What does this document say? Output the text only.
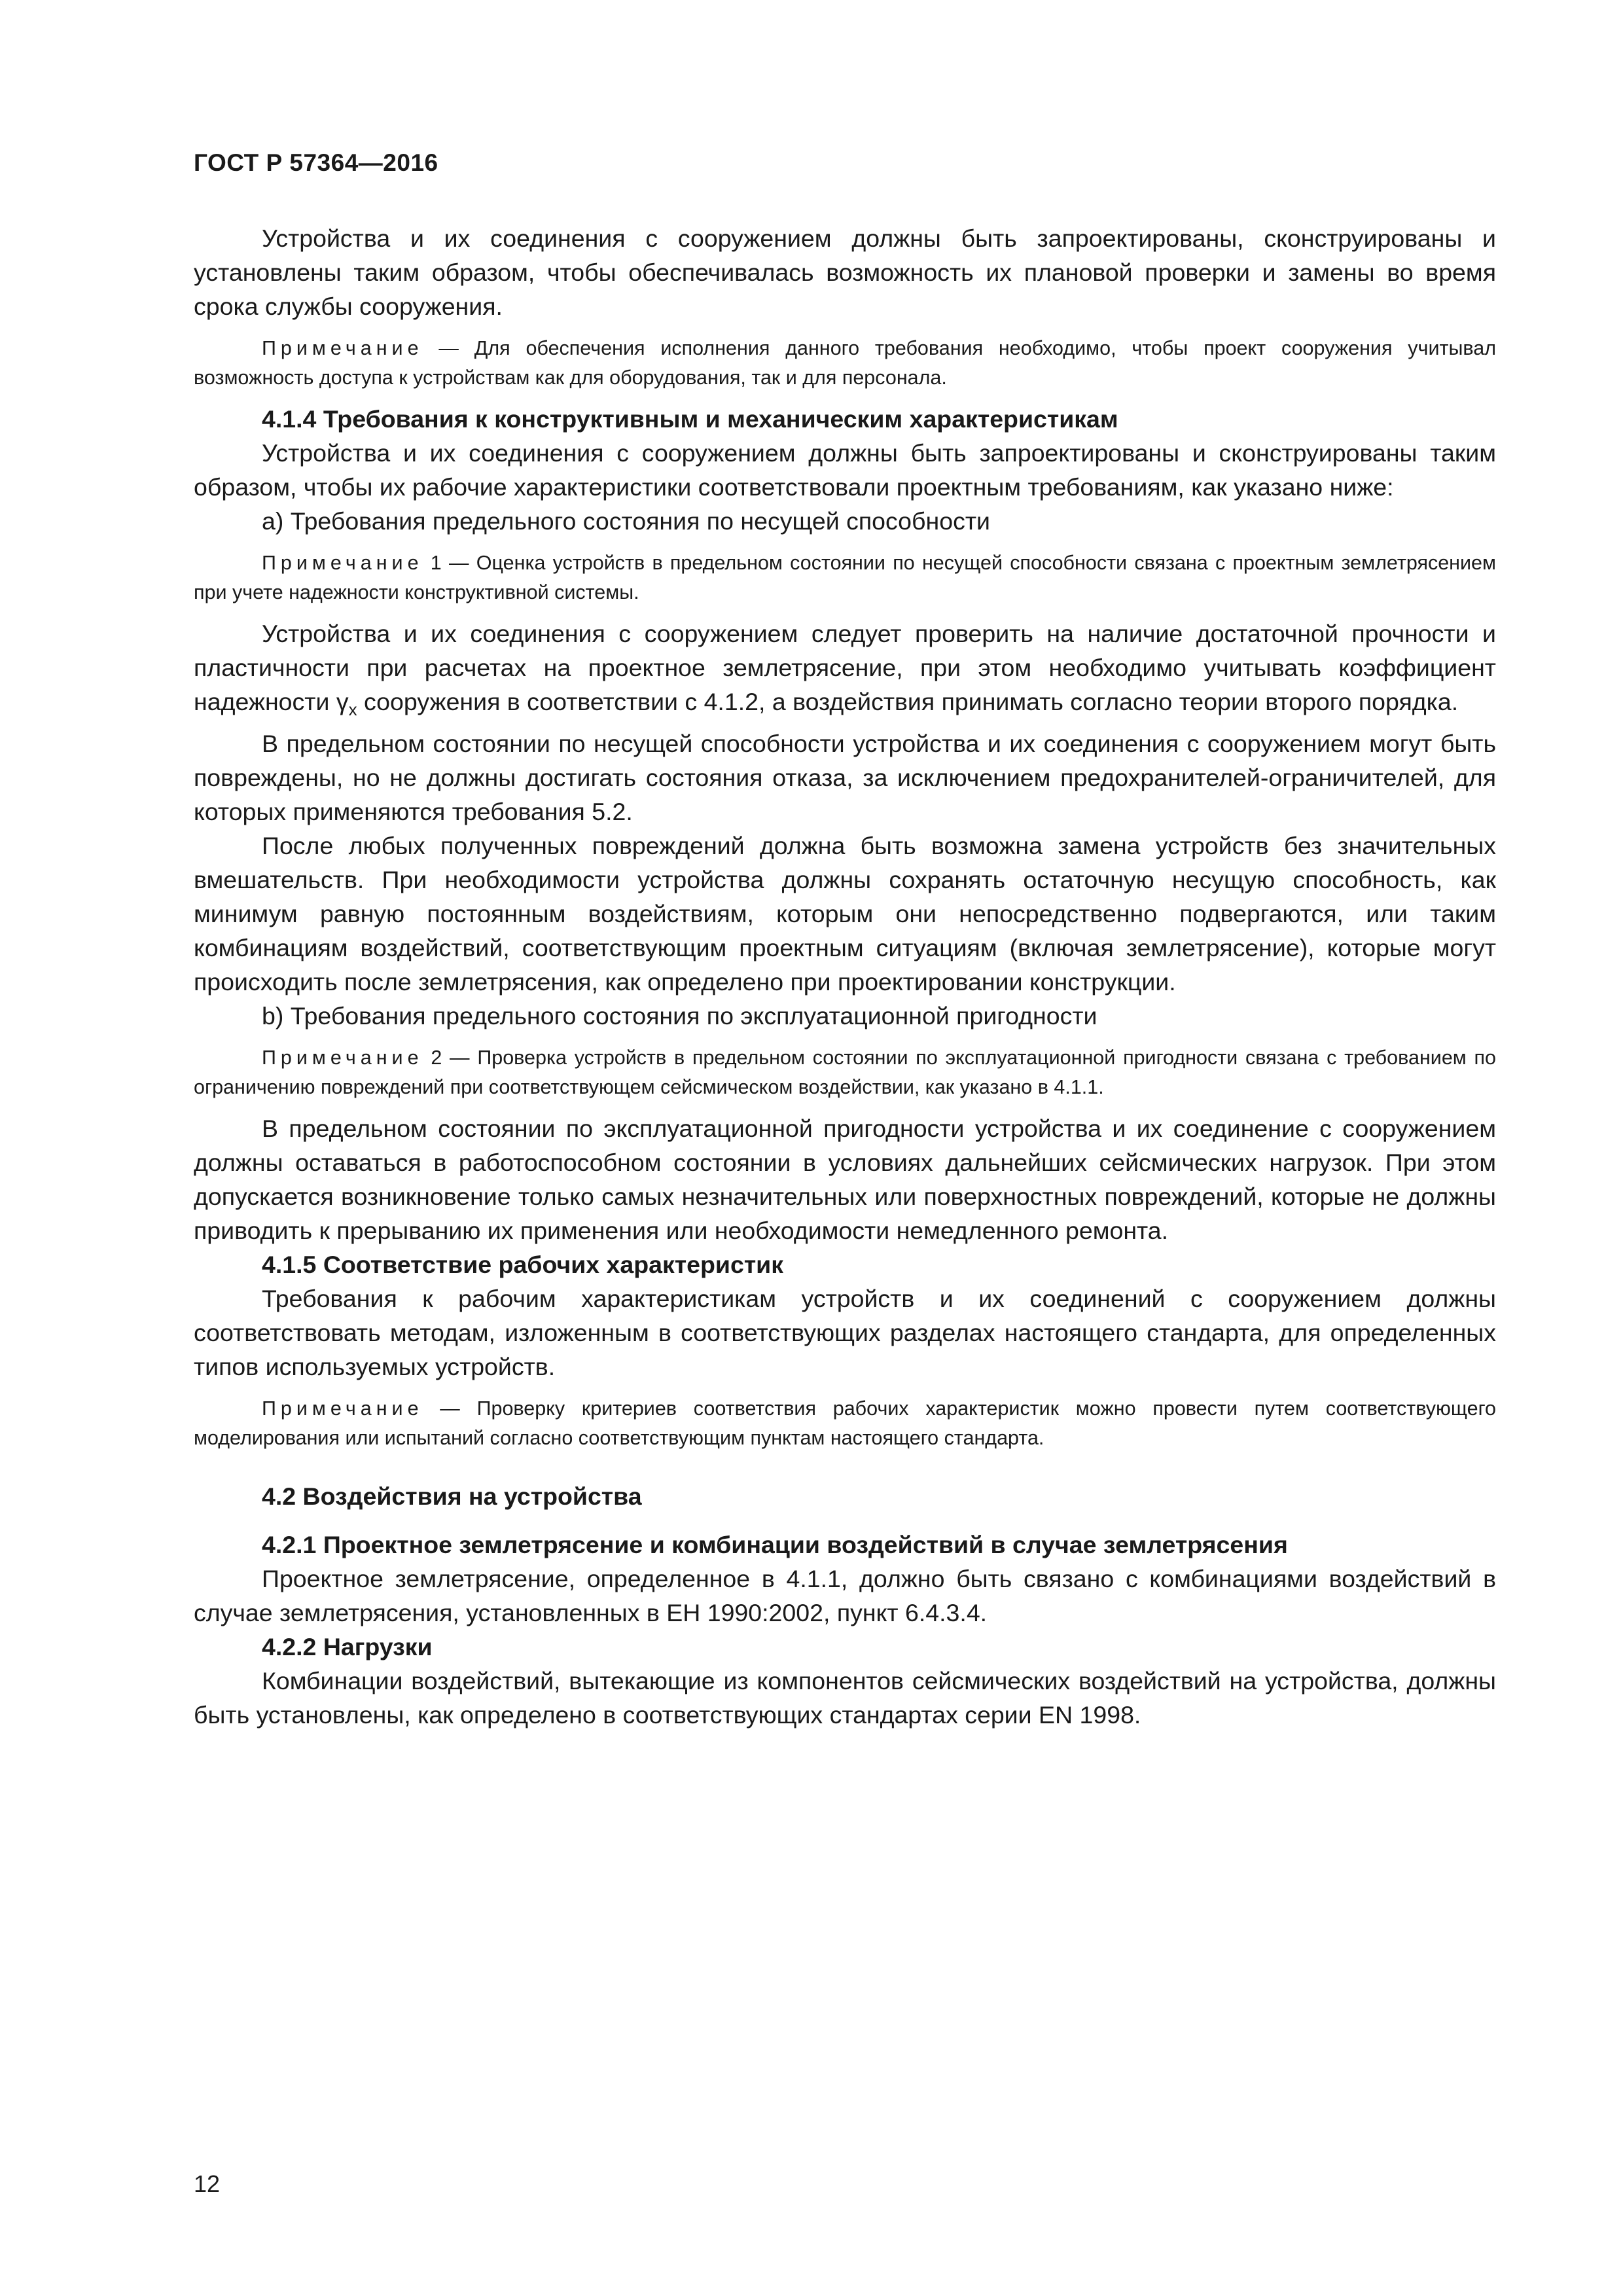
ГОСТ Р 57364—2016

Устройства и их соединения с сооружением должны быть запроектированы, сконструированы и установлены таким образом, чтобы обеспечивалась возможность их плановой проверки и замены во время срока службы сооружения.

Примечание — Для обеспечения исполнения данного требования необходимо, чтобы проект сооружения учитывал возможность доступа к устройствам как для оборудования, так и для персонала.

4.1.4 Требования к конструктивным и механическим характеристикам

Устройства и их соединения с сооружением должны быть запроектированы и сконструированы таким образом, чтобы их рабочие характеристики соответствовали проектным требованиям, как указано ниже:

a) Требования предельного состояния по несущей способности

Примечание 1 — Оценка устройств в предельном состоянии по несущей способности связана с проектным землетрясением при учете надежности конструктивной системы.

Устройства и их соединения с сооружением следует проверить на наличие достаточной прочности и пластичности при расчетах на проектное землетрясение, при этом необходимо учитывать коэффициент надежности $\gamma_x$ сооружения в соответствии с 4.1.2, а воздействия принимать согласно теории второго порядка.

В предельном состоянии по несущей способности устройства и их соединения с сооружением могут быть повреждены, но не должны достигать состояния отказа, за исключением предохранителей-ограничителей, для которых применяются требования 5.2.

После любых полученных повреждений должна быть возможна замена устройств без значительных вмешательств. При необходимости устройства должны сохранять остаточную несущую способность, как минимум равную постоянным воздействиям, которым они непосредственно подвергаются, или таким комбинациям воздействий, соответствующим проектным ситуациям (включая землетрясение), которые могут происходить после землетрясения, как определено при проектировании конструкции.

b) Требования предельного состояния по эксплуатационной пригодности

Примечание 2 — Проверка устройств в предельном состоянии по эксплуатационной пригодности связана с требованием по ограничению повреждений при соответствующем сейсмическом воздействии, как указано в 4.1.1.

В предельном состоянии по эксплуатационной пригодности устройства и их соединение с сооружением должны оставаться в работоспособном состоянии в условиях дальнейших сейсмических нагрузок. При этом допускается возникновение только самых незначительных или поверхностных повреждений, которые не должны приводить к прерыванию их применения или необходимости немедленного ремонта.

4.1.5 Соответствие рабочих характеристик

Требования к рабочим характеристикам устройств и их соединений с сооружением должны соответствовать методам, изложенным в соответствующих разделах настоящего стандарта, для определенных типов используемых устройств.

Примечание — Проверку критериев соответствия рабочих характеристик можно провести путем соответствующего моделирования или испытаний согласно соответствующим пунктам настоящего стандарта.

4.2 Воздействия на устройства

4.2.1 Проектное землетрясение и комбинации воздействий в случае землетрясения

Проектное землетрясение, определенное в 4.1.1, должно быть связано с комбинациями воздействий в случае землетрясения, установленных в ЕН 1990:2002, пункт 6.4.3.4.

4.2.2 Нагрузки

Комбинации воздействий, вытекающие из компонентов сейсмических воздействий на устройства, должны быть установлены, как определено в соответствующих стандартах серии EN 1998.

12
